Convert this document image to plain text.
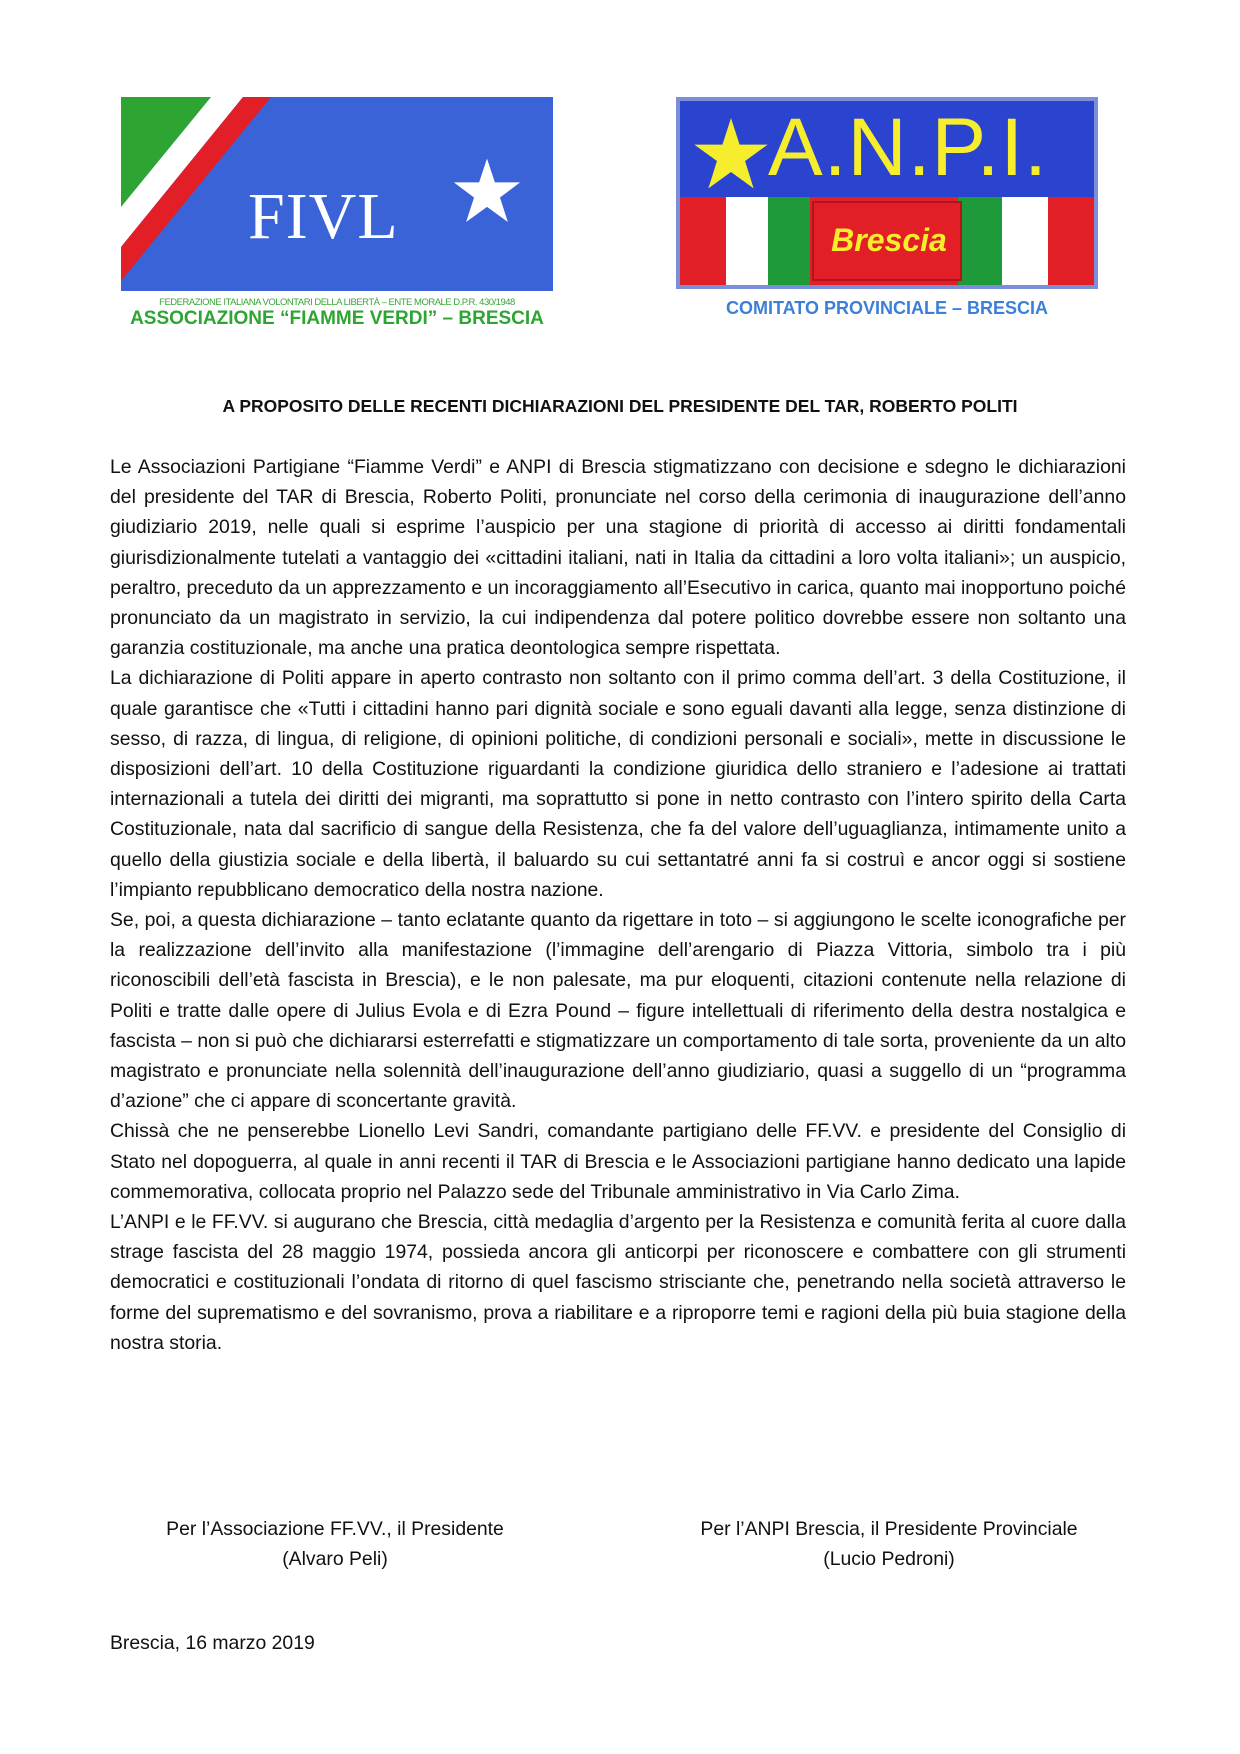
FIVL
FEDERAZIONE ITALIANA VOLONTARI DELLA LIBERTÀ – ENTE MORALE D.P.R. 430/1948
ASSOCIAZIONE “FIAMME VERDI” – BRESCIA
A.N.P.I.
Brescia
COMITATO PROVINCIALE – BRESCIA
A PROPOSITO DELLE RECENTI DICHIARAZIONI DEL PRESIDENTE DEL TAR, ROBERTO POLITI

Le Associazioni Partigiane “Fiamme Verdi” e ANPI di Brescia stigmatizzano con decisione e sdegno le dichiarazioni del presidente del TAR di Brescia, Roberto Politi, pronunciate nel corso della cerimonia di inaugurazione dell’anno giudiziario 2019, nelle quali si esprime l’auspicio per una stagione di priorità di accesso ai diritti fondamentali giurisdizionalmente tutelati a vantaggio dei «cittadini italiani, nati in Italia da cittadini a loro volta italiani»; un auspicio, peraltro, preceduto da un apprezzamento e un incoraggiamento all’Esecutivo in carica, quanto mai inopportuno poiché pronunciato da un magistrato in servizio, la cui indipendenza dal potere politico dovrebbe essere non soltanto una garanzia costituzionale, ma anche una pratica deontologica sempre rispettata.

La dichiarazione di Politi appare in aperto contrasto non soltanto con il primo comma dell’art. 3 della Costituzione, il quale garantisce che «Tutti i cittadini hanno pari dignità sociale e sono eguali davanti alla legge, senza distinzione di sesso, di razza, di lingua, di religione, di opinioni politiche, di condizioni personali e sociali», mette in discussione le disposizioni dell’art. 10 della Costituzione riguardanti la condizione giuridica dello straniero e l’adesione ai trattati internazionali a tutela dei diritti dei migranti, ma soprattutto si pone in netto contrasto con l’intero spirito della Carta Costituzionale, nata dal sacrificio di sangue della Resistenza, che fa del valore dell’uguaglianza, intimamente unito a quello della giustizia sociale e della libertà, il baluardo su cui settantatré anni fa si costruì e ancor oggi si sostiene l’impianto repubblicano democratico della nostra nazione.

Se, poi, a questa dichiarazione – tanto eclatante quanto da rigettare in toto – si aggiungono le scelte iconografiche per la realizzazione dell’invito alla manifestazione (l’immagine dell’arengario di Piazza Vittoria, simbolo tra i più riconoscibili dell’età fascista in Brescia), e le non palesate, ma pur eloquenti, citazioni contenute nella relazione di Politi e tratte dalle opere di Julius Evola e di Ezra Pound – figure intellettuali di riferimento della destra nostalgica e fascista – non si può che dichiararsi esterrefatti e stigmatizzare un comportamento di tale sorta, proveniente da un alto magistrato e pronunciate nella solennità dell’inaugurazione dell’anno giudiziario, quasi a suggello di un “programma d’azione” che ci appare di sconcertante gravità.

Chissà che ne penserebbe Lionello Levi Sandri, comandante partigiano delle FF.VV. e presidente del Consiglio di Stato nel dopoguerra, al quale in anni recenti il TAR di Brescia e le Associazioni partigiane hanno dedicato una lapide commemorativa, collocata proprio nel Palazzo sede del Tribunale amministrativo in Via Carlo Zima.

L’ANPI e le FF.VV. si augurano che Brescia, città medaglia d’argento per la Resistenza e comunità ferita al cuore dalla strage fascista del 28 maggio 1974, possieda ancora gli anticorpi per riconoscere e combattere con gli strumenti democratici e costituzionali l’ondata di ritorno di quel fascismo strisciante che, penetrando nella società attraverso le forme del suprematismo e del sovranismo, prova a riabilitare e a riproporre temi e ragioni della più buia stagione della nostra storia.

Per l’Associazione FF.VV., il Presidente
(Alvaro Peli)
Per l’ANPI Brescia, il Presidente Provinciale
(Lucio Pedroni)
Brescia, 16 marzo 2019
